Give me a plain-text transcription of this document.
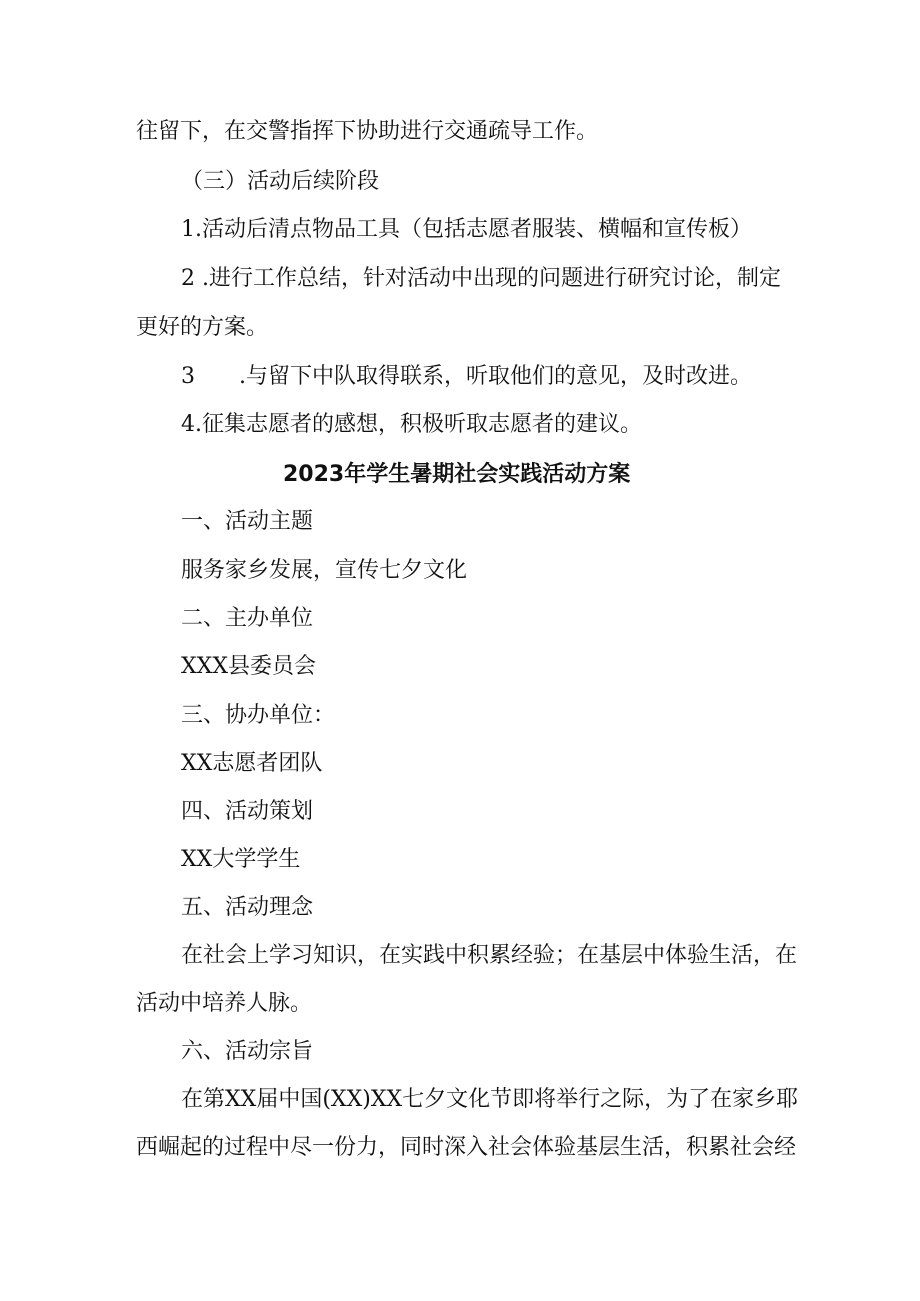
往留下，在交警指挥下协助进行交通疏导工作。
（三）活动后续阶段
1.活动后清点物品工具（包括志愿者服装、横幅和宣传板）
2 .进行工作总结，针对活动中出现的问题进行研究讨论，制定
更好的方案。
3　　.与留下中队取得联系，听取他们的意见，及时改进。
4.征集志愿者的感想，积极听取志愿者的建议。
2023年学生暑期社会实践活动方案
一、活动主题
服务家乡发展，宣传七夕文化
二、主办单位
XXX县委员会
三、协办单位：
XX志愿者团队
四、活动策划
XX大学学生
五、活动理念
在社会上学习知识，在实践中积累经验；在基层中体验生活，在
活动中培养人脉。
六、活动宗旨
在第XX届中国(XX)XX七夕文化节即将举行之际，为了在家乡耶
西崛起的过程中尽一份力，同时深入社会体验基层生活，积累社会经
